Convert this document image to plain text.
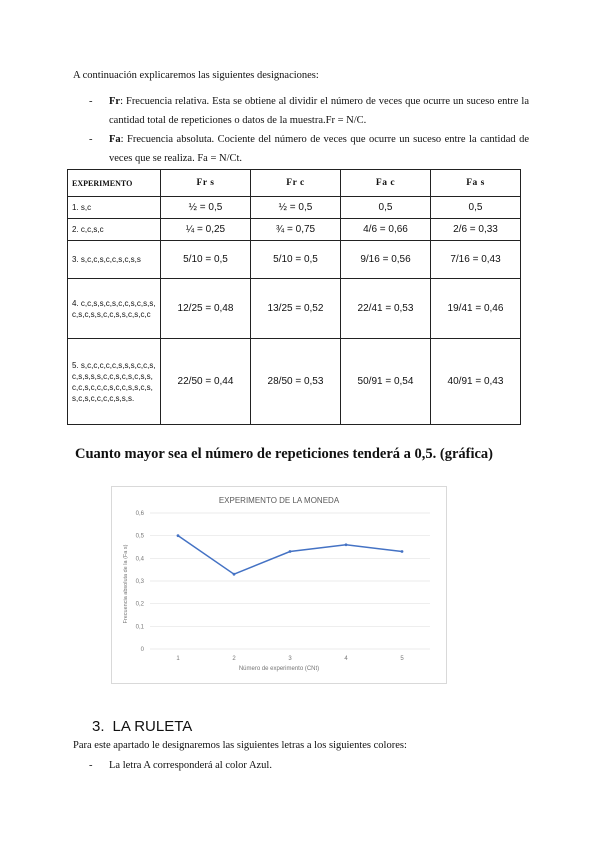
A continuación explicaremos las siguientes designaciones:
-	Fr: Frecuencia relativa. Esta se obtiene al dividir el número de veces que ocurre un suceso entre la cantidad total de repeticiones o datos de la muestra.Fr = N/C.
-	Fa: Frecuencia absoluta. Cociente del número de veces que ocurre un suceso entre la cantidad de veces que se realiza. Fa = N/Ct.
EXPERIMENTO	Fr s	Fr c	Fa c	Fa s
1. s,c	½ = 0,5	½ = 0,5	0,5	0,5
2. c,c,s,c	¼ = 0,25	¾ = 0,75	4/6 = 0,66	2/6 = 0,33
3. s,c,c,s,c,c,s,c,s,s	5/10 = 0,5	5/10 = 0,5	9/16 = 0,56	7/16 = 0,43
4. c,c,s,s,c,s,c,c,s,c,s,s,c,s,c,s,s,c,c,s,s,c,s,c,c	12/25 = 0,48	13/25 = 0,52	22/41 = 0,53	19/41 = 0,46
5. s,c,c,c,c,c,s,s,s,c,c,s,c,s,s,s,s,c,c,s,c,s,c,s,s,c,c,s,c,c,c,s,c,c,s,s,c,s,s,c,s,c,c,c,c,s,s,s.	22/50 = 0,44	28/50 = 0,53	50/91 = 0,54	40/91 = 0,43
Cuanto mayor sea el número de repeticiones tenderá a 0,5. (gráfica)
EXPERIMENTO DE LA MONEDA
0
0,1
0,2
0,3
0,4
0,5
0,6
1	2	3	4	5
Número de experimento (CNt)
Frecuencia absoluta de la (Fa s)
3. LA RULETA
Para este apartado le designaremos las siguientes letras a los siguientes colores:
-	La letra A corresponderá al color Azul.
